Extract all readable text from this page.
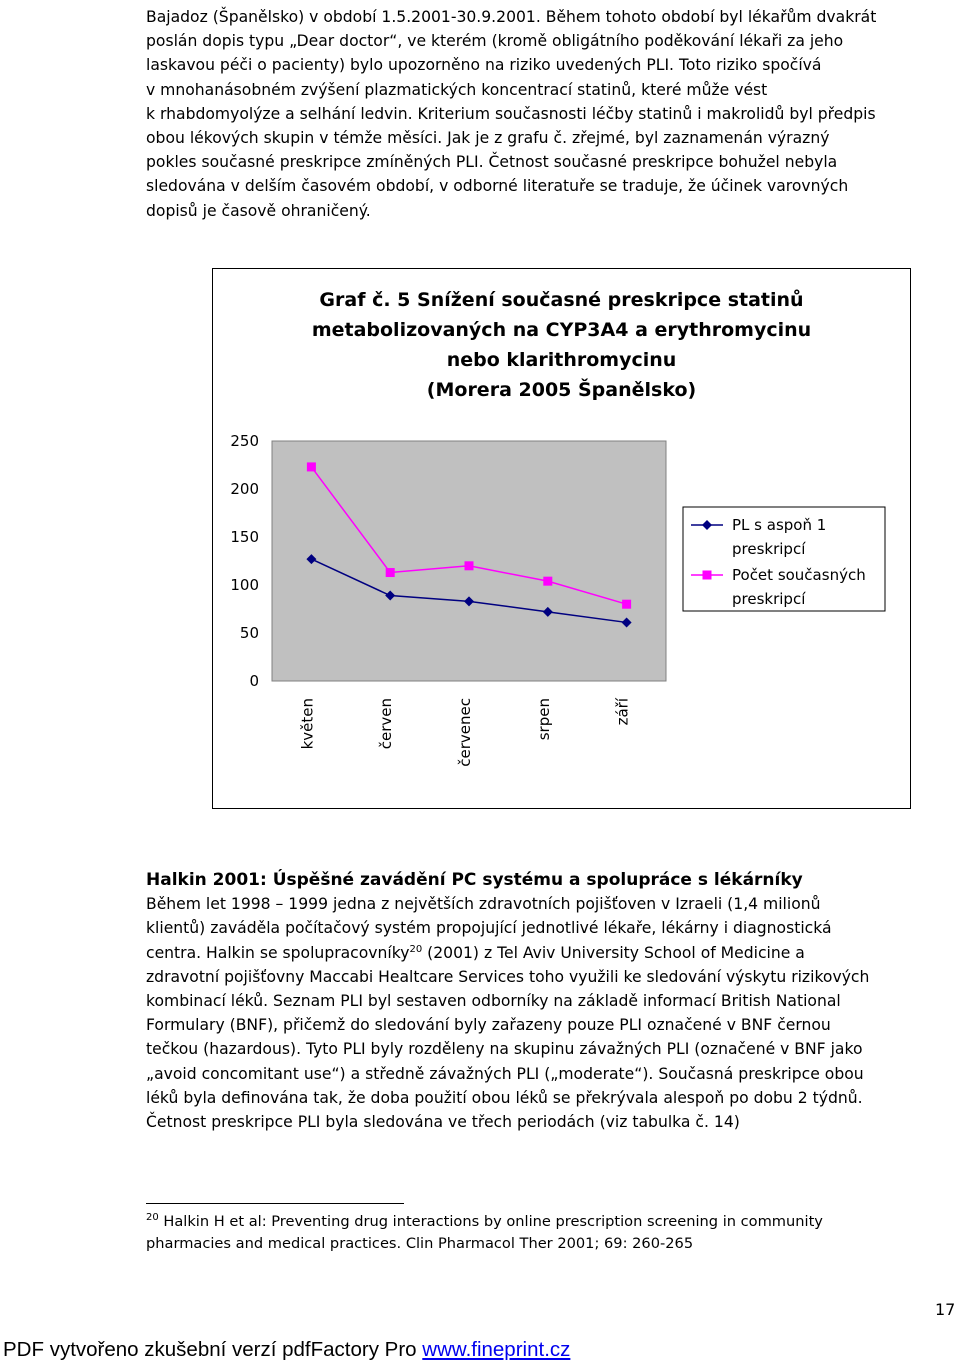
Bajadoz (Španělsko) v období 1.5.2001-30.9.2001. Během tohoto období byl lékařům dvakrát
poslán dopis typu „Dear doctor“, ve kterém (kromě obligátního poděkování lékaři za jeho
laskavou péči o pacienty) bylo upozorněno na riziko uvedených PLI. Toto riziko spočívá
v mnohanásobném zvýšení plazmatických koncentrací statinů, které může vést
k rhabdomyolýze a selhání ledvin. Kriterium současnosti léčby statinů i makrolidů byl předpis
obou lékových skupin v témže měsíci. Jak je z grafu č. zřejmé, byl zaznamenán výrazný
pokles současné preskripce zmíněných PLI. Četnost současné preskripce bohužel nebyla
sledována v delším časovém období, v odborné literatuře se traduje, že účinek varovných
dopisů je časově ohraničený.
Graf č. 5 Snížení současné preskripce statinů
metabolizovaných na CYP3A4 a erythromycinu
nebo klarithromycinu
(Morera 2005 Španělsko)
250
200
150
100
50
0
květen	červen	červenec	srpen	září
PL s aspoň 1
preskripcí
Počet současných
preskripcí
Halkin 2001: Úspěšné zavádění PC systému a spolupráce s lékárníky
Během let 1998 – 1999 jedna z největších zdravotních pojišťoven v Izraeli (1,4 milionů
klientů) zaváděla počítačový systém propojující jednotlivé lékaře, lékárny i diagnostická
centra. Halkin se spolupracovníky$^{20}$ (2001) z Tel Aviv University School of Medicine a
zdravotní pojišťovny Maccabi Healtcare Services toho využili ke sledování výskytu rizikových
kombinací léků. Seznam PLI byl sestaven odborníky na základě informací British National
Formulary (BNF), přičemž do sledování byly zařazeny pouze PLI označené v BNF černou
tečkou (hazardous). Tyto PLI byly rozděleny na skupinu závažných PLI (označené v BNF jako
„avoid concomitant use“) a středně závažných PLI („moderate“). Současná preskripce obou
léků byla definována tak, že doba použití obou léků se překrývala alespoň po dobu 2 týdnů.
Četnost preskripce PLI byla sledována ve třech periodách (viz tabulka č. 14)
$^{20}$ Halkin H et al: Preventing drug interactions by online prescription screening in community
pharmacies and medical practices. Clin Pharmacol Ther 2001; 69: 260-265
17
PDF vytvořeno zkušební verzí pdfFactory Pro www.fineprint.cz
